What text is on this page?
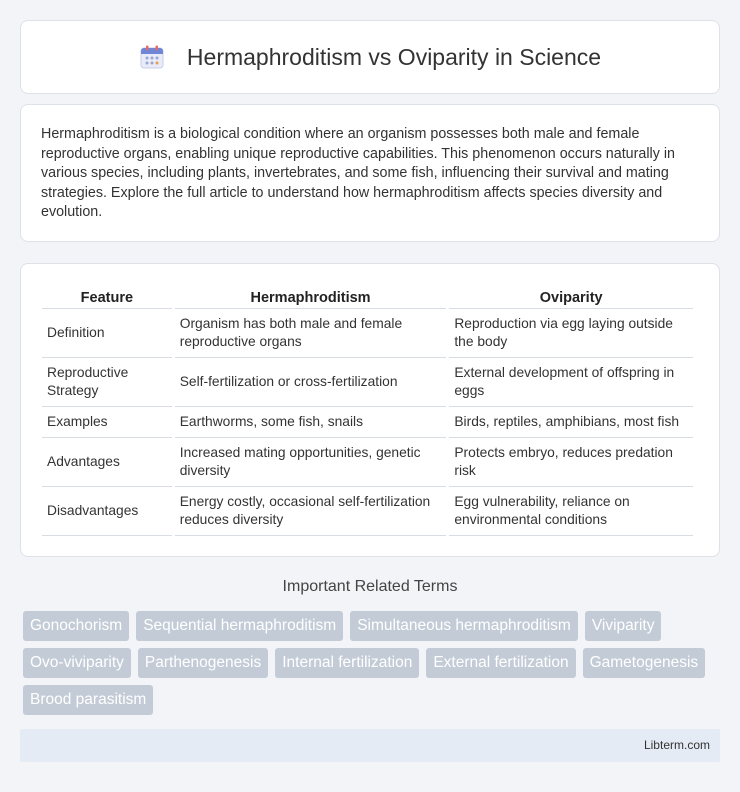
Hermaphroditism vs Oviparity in Science

Hermaphroditism is a biological condition where an organism possesses both male and female reproductive organs, enabling unique reproductive capabilities. This phenomenon occurs naturally in various species, including plants, invertebrates, and some fish, influencing their survival and mating strategies. Explore the full article to understand how hermaphroditism affects species diversity and evolution.

Feature	Hermaphroditism	Oviparity
Definition	Organism has both male and female reproductive organs	Reproduction via egg laying outside the body
Reproductive Strategy	Self-fertilization or cross-fertilization	External development of offspring in eggs
Examples	Earthworms, some fish, snails	Birds, reptiles, amphibians, most fish
Advantages	Increased mating opportunities, genetic diversity	Protects embryo, reduces predation risk
Disadvantages	Energy costly, occasional self-fertilization reduces diversity	Egg vulnerability, reliance on environmental conditions
Important Related Terms
Gonochorism	Sequential hermaphroditism	Simultaneous hermaphroditism	Viviparity
Ovo-viviparity	Parthenogenesis	Internal fertilization	External fertilization	Gametogenesis
Brood parasitism
Libterm.com
